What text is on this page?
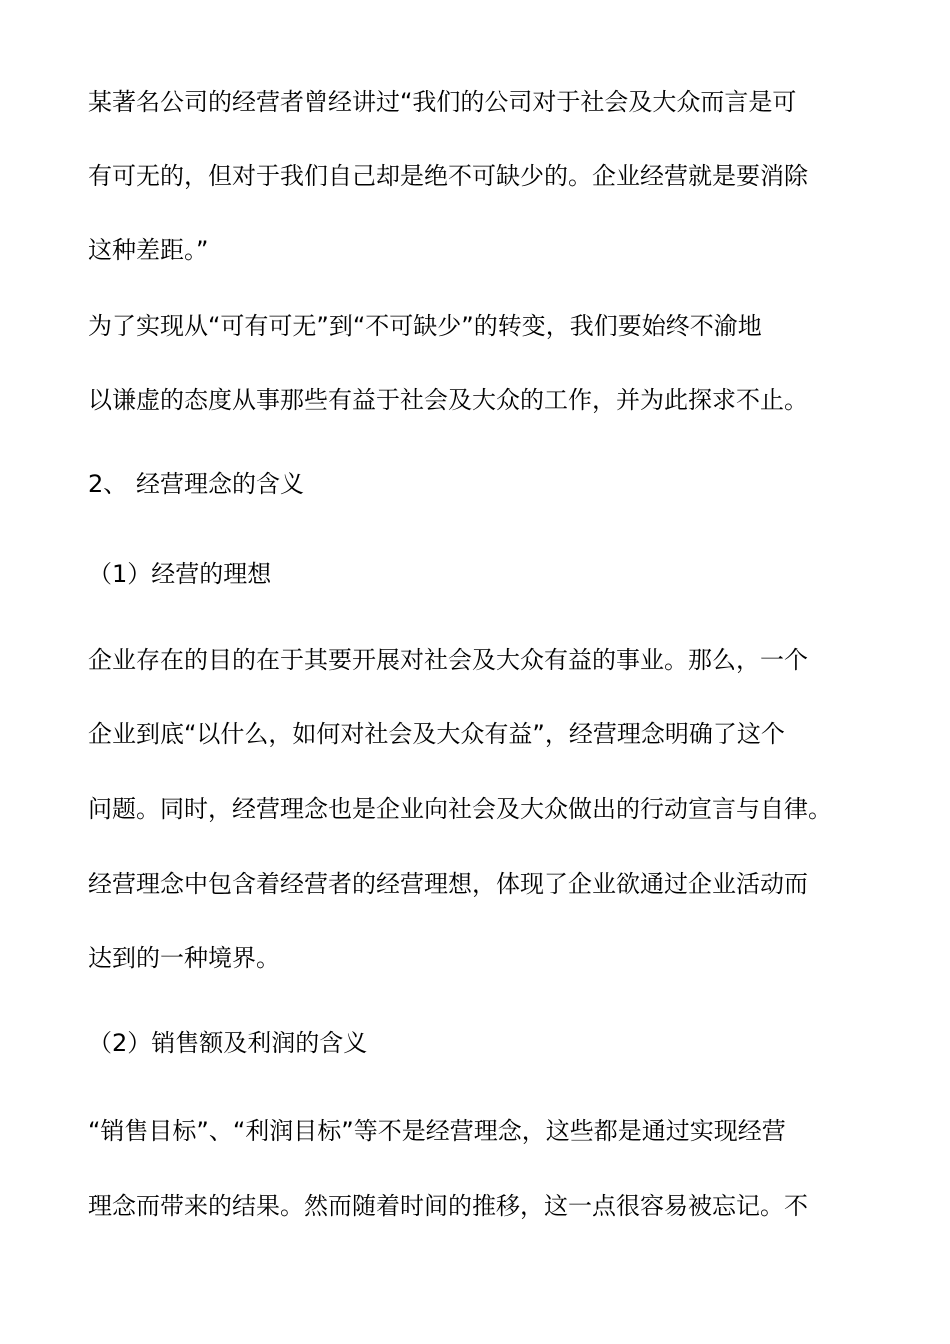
某著名公司的经营者曾经讲过“我们的公司对于社会及大众而言是可
有可无的，但对于我们自己却是绝不可缺少的。企业经营就是要消除
这种差距。”
为了实现从“可有可无”到“不可缺少”的转变，我们要始终不渝地
以谦虚的态度从事那些有益于社会及大众的工作，并为此探求不止。
2、 经营理念的含义
（1）经营的理想
企业存在的目的在于其要开展对社会及大众有益的事业。那么，一个
企业到底“以什么，如何对社会及大众有益”，经营理念明确了这个
问题。同时，经营理念也是企业向社会及大众做出的行动宣言与自律。
经营理念中包含着经营者的经营理想，体现了企业欲通过企业活动而
达到的一种境界。
（2）销售额及利润的含义
“销售目标”、“利润目标”等不是经营理念，这些都是通过实现经营
理念而带来的结果。然而随着时间的推移，这一点很容易被忘记。不
